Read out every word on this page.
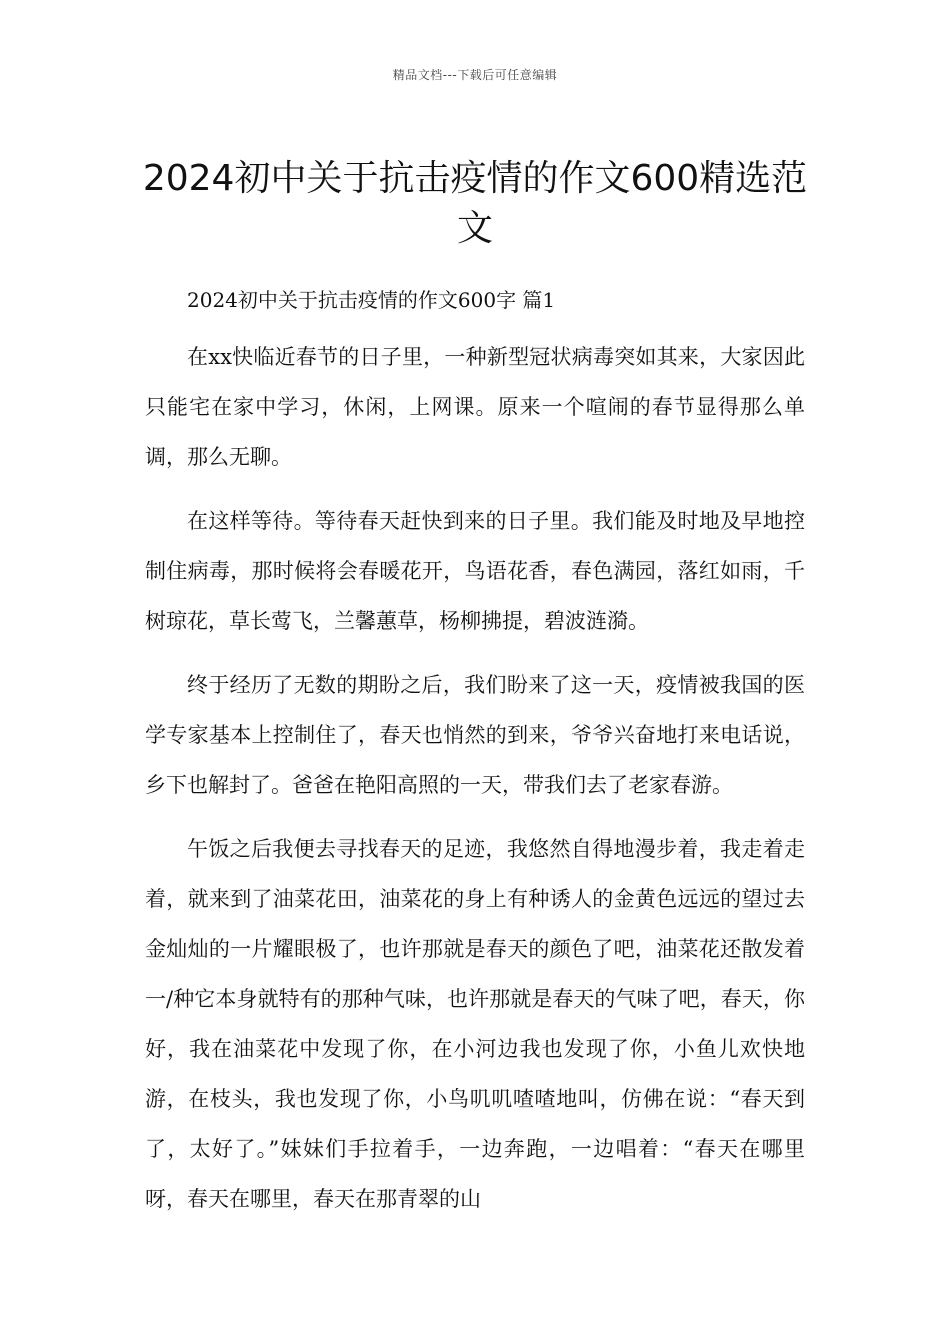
精品文档---下载后可任意编辑
2024初中关于抗击疫情的作文600精选范文

2024初中关于抗击疫情的作文600字 篇1

在xx快临近春节的日子里，一种新型冠状病毒突如其来，大家因此只能宅在家中学习，休闲，上网课。原来一个喧闹的春节显得那么单调，那么无聊。

在这样等待。等待春天赶快到来的日子里。我们能及时地及早地控制住病毒，那时候将会春暖花开，鸟语花香，春色满园，落红如雨，千树琼花，草长莺飞，兰馨蕙草，杨柳拂提，碧波涟漪。

终于经历了无数的期盼之后，我们盼来了这一天，疫情被我国的医学专家基本上控制住了，春天也悄然的到来，爷爷兴奋地打来电话说，乡下也解封了。爸爸在艳阳高照的一天，带我们去了老家春游。

午饭之后我便去寻找春天的足迹，我悠然自得地漫步着，我走着走着，就来到了油菜花田，油菜花的身上有种诱人的金黄色远远的望过去金灿灿的一片耀眼极了，也许那就是春天的颜色了吧，油菜花还散发着一/种它本身就特有的那种气味，也许那就是春天的气味了吧，春天，你好，我在油菜花中发现了你，在小河边我也发现了你，小鱼儿欢快地游，在枝头，我也发现了你，小鸟叽叽喳喳地叫，仿佛在说：“春天到了，太好了。”妹妹们手拉着手，一边奔跑，一边唱着：“春天在哪里呀，春天在哪里，春天在那青翠的山
